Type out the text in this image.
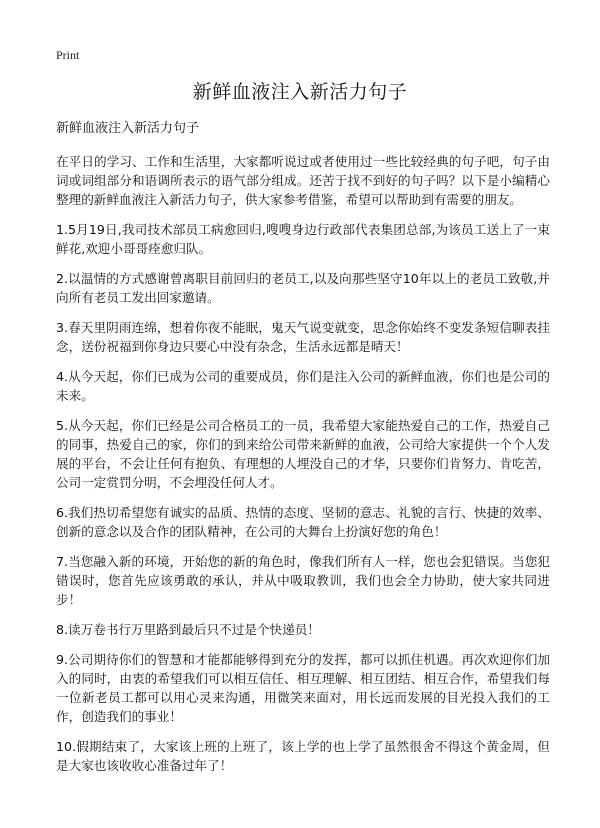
Print
新鲜血液注入新活力句子

新鲜血液注入新活力句子

在平日的学习、工作和生活里，大家都听说过或者使用过一些比较经典的句子吧，句子由词或词组部分和语调所表示的语气部分组成。还苦于找不到好的句子吗？以下是小编精心整理的新鲜血液注入新活力句子，供大家参考借鉴，希望可以帮助到有需要的朋友。

1.5月19日,我司技术部员工病愈回归,嗖嗖身边行政部代表集团总部,为该员工送上了一束鲜花,欢迎小哥哥痊愈归队。

2.以温情的方式感谢曾离职目前回归的老员工,以及向那些坚守10年以上的老员工致敬,并向所有老员工发出回家邀请。

3.春天里阴雨连绵，想着你夜不能眠，鬼天气说变就变，思念你始终不变发条短信聊表挂念，送份祝福到你身边只要心中没有杂念，生活永远都是晴天！

4.从今天起，你们已成为公司的重要成员，你们是注入公司的新鲜血液，你们也是公司的未来。

5.从今天起，你们已经是公司合格员工的一员，我希望大家能热爱自己的工作，热爱自己的同事，热爱自己的家，你们的到来给公司带来新鲜的血液，公司给大家提供一个个人发展的平台，不会让任何有抱负、有理想的人埋没自己的才华，只要你们肯努力、肯吃苦，公司一定赏罚分明，不会埋没任何人才。

6.我们热切希望您有诚实的品质、热情的态度、坚韧的意志、礼貌的言行、快捷的效率、创新的意念以及合作的团队精神，在公司的大舞台上扮演好您的角色！

7.当您融入新的环境，开始您的新的角色时，像我们所有人一样，您也会犯错误。当您犯错误时，您首先应该勇敢的承认，并从中吸取教训，我们也会全力协助，使大家共同进步！

8.读万卷书行万里路到最后只不过是个快递员！

9.公司期待你们的智慧和才能都能够得到充分的发挥，都可以抓住机遇。再次欢迎你们加入的同时，由衷的希望我们可以相互信任、相互理解、相互团结、相互合作，希望我们每一位新老员工都可以用心灵来沟通，用微笑来面对，用长远而发展的目光投入我们的工作，创造我们的事业！

10.假期结束了，大家该上班的上班了，该上学的也上学了虽然很舍不得这个黄金周，但是大家也该收收心准备过年了！
